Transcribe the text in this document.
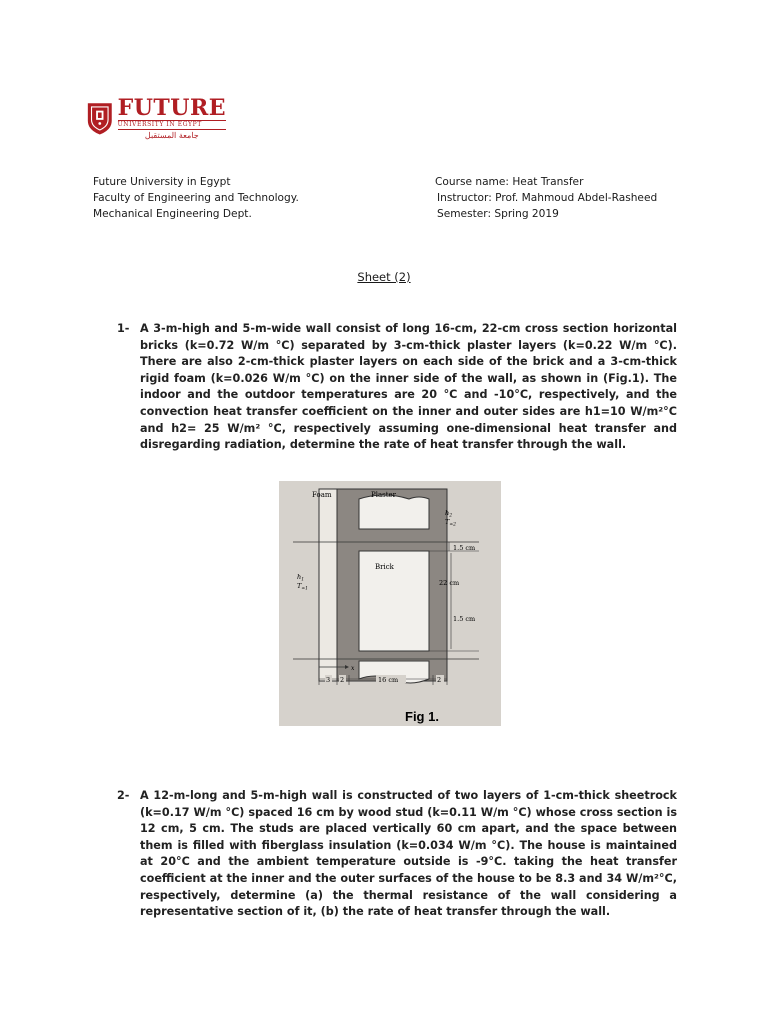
FUTURE
UNIVERSITY IN EGYPT
جامعة المستقبل
Future University in Egypt
Faculty of Engineering and Technology.
Mechanical Engineering Dept.
Course name: Heat Transfer
Instructor: Prof. Mahmoud Abdel-Rasheed
Semester: Spring 2019
Sheet (2)
1- A 3-m-high and 5-m-wide wall consist of long 16-cm, 22-cm cross section horizontal bricks (k=0.72 W/m °C) separated by 3-cm-thick plaster layers (k=0.22 W/m °C). There are also 2-cm-thick plaster layers on each side of the brick and a 3-cm-thick rigid foam (k=0.026 W/m °C) on the inner side of the wall, as shown in (Fig.1). The indoor and the outdoor temperatures are 20 °C and -10°C, respectively, and the convection heat transfer coefficient on the inner and outer sides are h1=10 W/m²°C and h2= 25 W/m² °C, respectively assuming one-dimensional heat transfer and disregarding radiation, determine the rate of heat transfer through the wall.
Foam	Plaster
Brick
$h_2$
$T_{\infty 2}$
$h_1$
$T_{\infty 1}$
1.5 cm
22 cm
1.5 cm
x
3 2	16 cm	2
Fig 1.
2- A 12-m-long and 5-m-high wall is constructed of two layers of 1-cm-thick sheetrock (k=0.17 W/m °C) spaced 16 cm by wood stud (k=0.11 W/m °C) whose cross section is 12 cm, 5 cm. The studs are placed vertically 60 cm apart, and the space between them is filled with fiberglass insulation (k=0.034 W/m °C). The house is maintained at 20°C and the ambient temperature outside is -9°C. taking the heat transfer coefficient at the inner and the outer surfaces of the house to be 8.3 and 34 W/m²°C, respectively, determine (a) the thermal resistance of the wall considering a representative section of it, (b) the rate of heat transfer through the wall.
